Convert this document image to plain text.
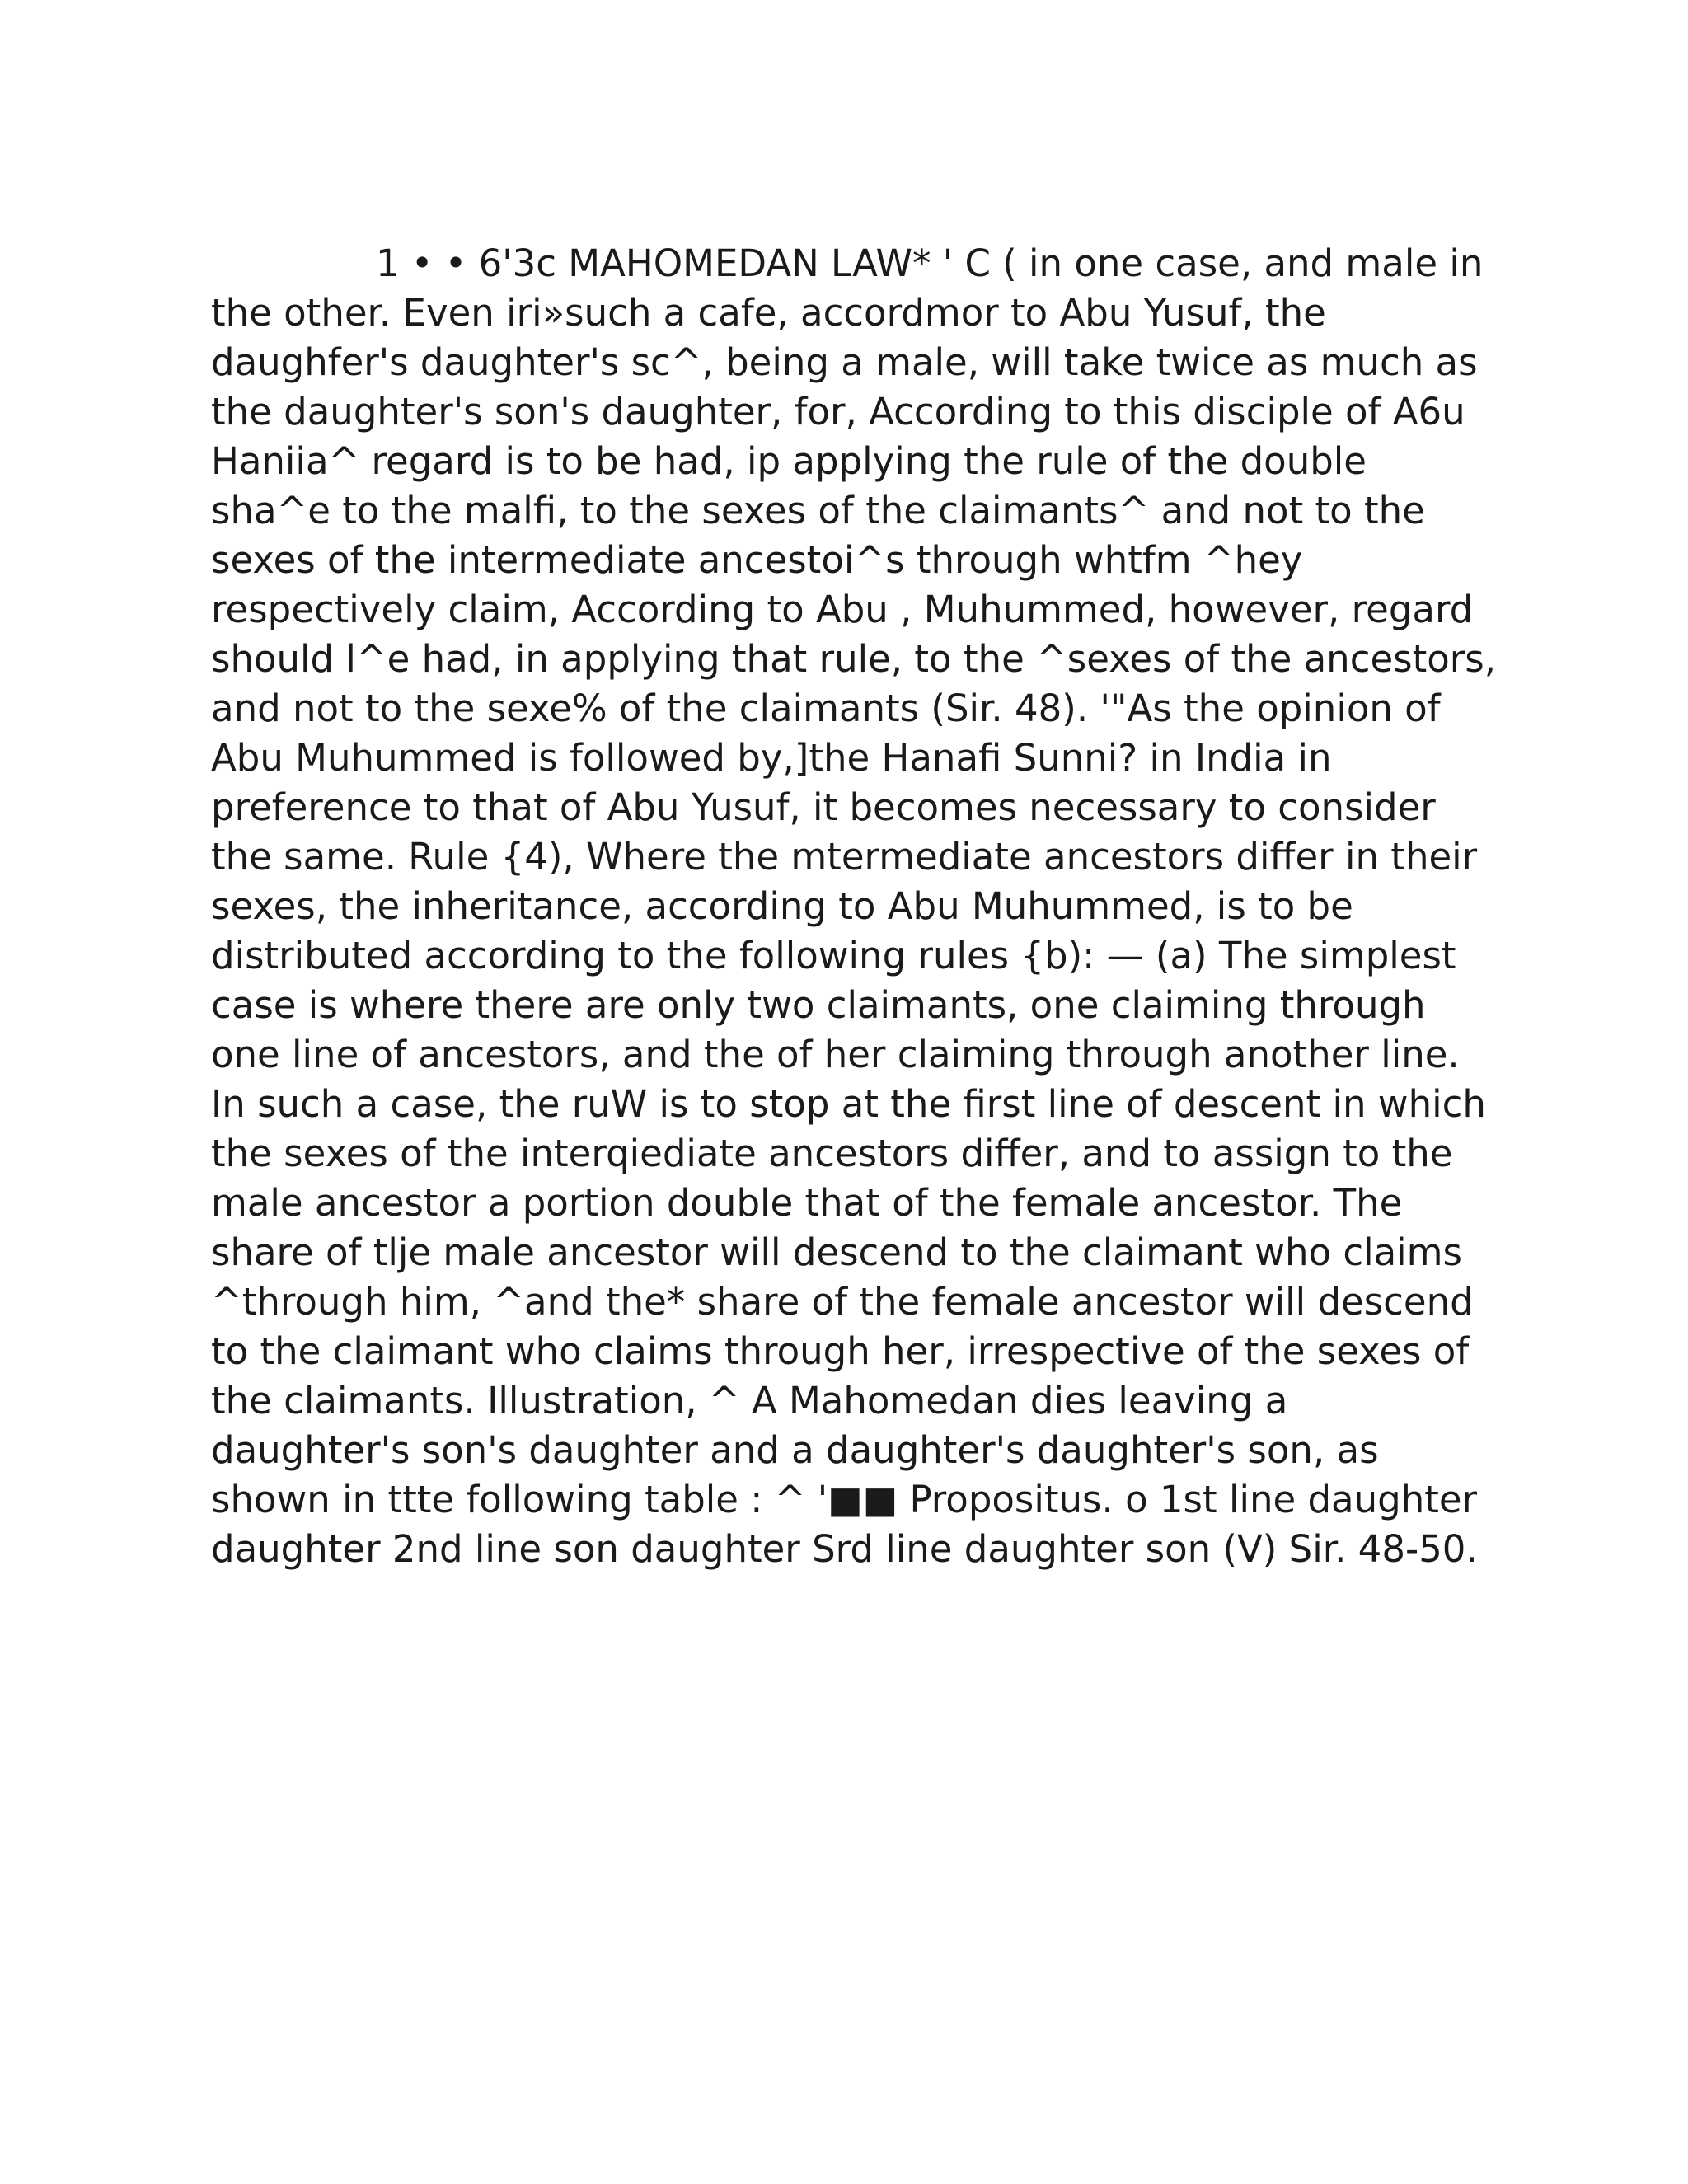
1 • • 6'3c MAHOMEDAN LAW* ' C ( in one case, and male in the other. Even iri»such a cafe, accordmor to Abu Yusuf, the daughfer's daughter's sc^, being a male, will take twice as much as the daughter's son's daughter, for, According to this disciple of A6u Haniia^ regard is to be had, ip applying the rule of the double sha^e to the malfi, to the sexes of the claimants^ and not to the sexes of the intermediate ancestoi^s through whtfm ^hey respectively claim, According to Abu , Muhummed, however, regard should l^e had, in applying that rule, to the ^sexes of the ancestors, and not to the sexe% of the claimants (Sir. 48). '"As the opinion of Abu Muhummed is followed by,]the Hanafi Sunni? in India in preference to that of Abu Yusuf, it becomes necessary to consider the same. Rule {4), Where the mtermediate ancestors differ in their sexes, the inheritance, according to Abu Muhummed, is to be distributed according to the following rules {b): — (a) The simplest case is where there are only two claimants, one claiming through one line of ancestors, and the of her claiming through another line. In such a case, the ruW is to stop at the first line of descent in which the sexes of the interqiediate ancestors differ, and to assign to the male ancestor a portion double that of the female ancestor. The share of tlje male ancestor will descend to the claimant who claims ^through him, ^and the* share of the female ancestor will descend to the claimant who claims through her, irrespective of the sexes of the claimants. Illustration, ^ A Mahomedan dies leaving a daughter's son's daughter and a daughter's daughter's son, as shown in ttte following table : ^ '■■ Propositus. o 1st line daughter daughter 2nd line son daughter Srd line daughter son (V) Sir. 48-50.
